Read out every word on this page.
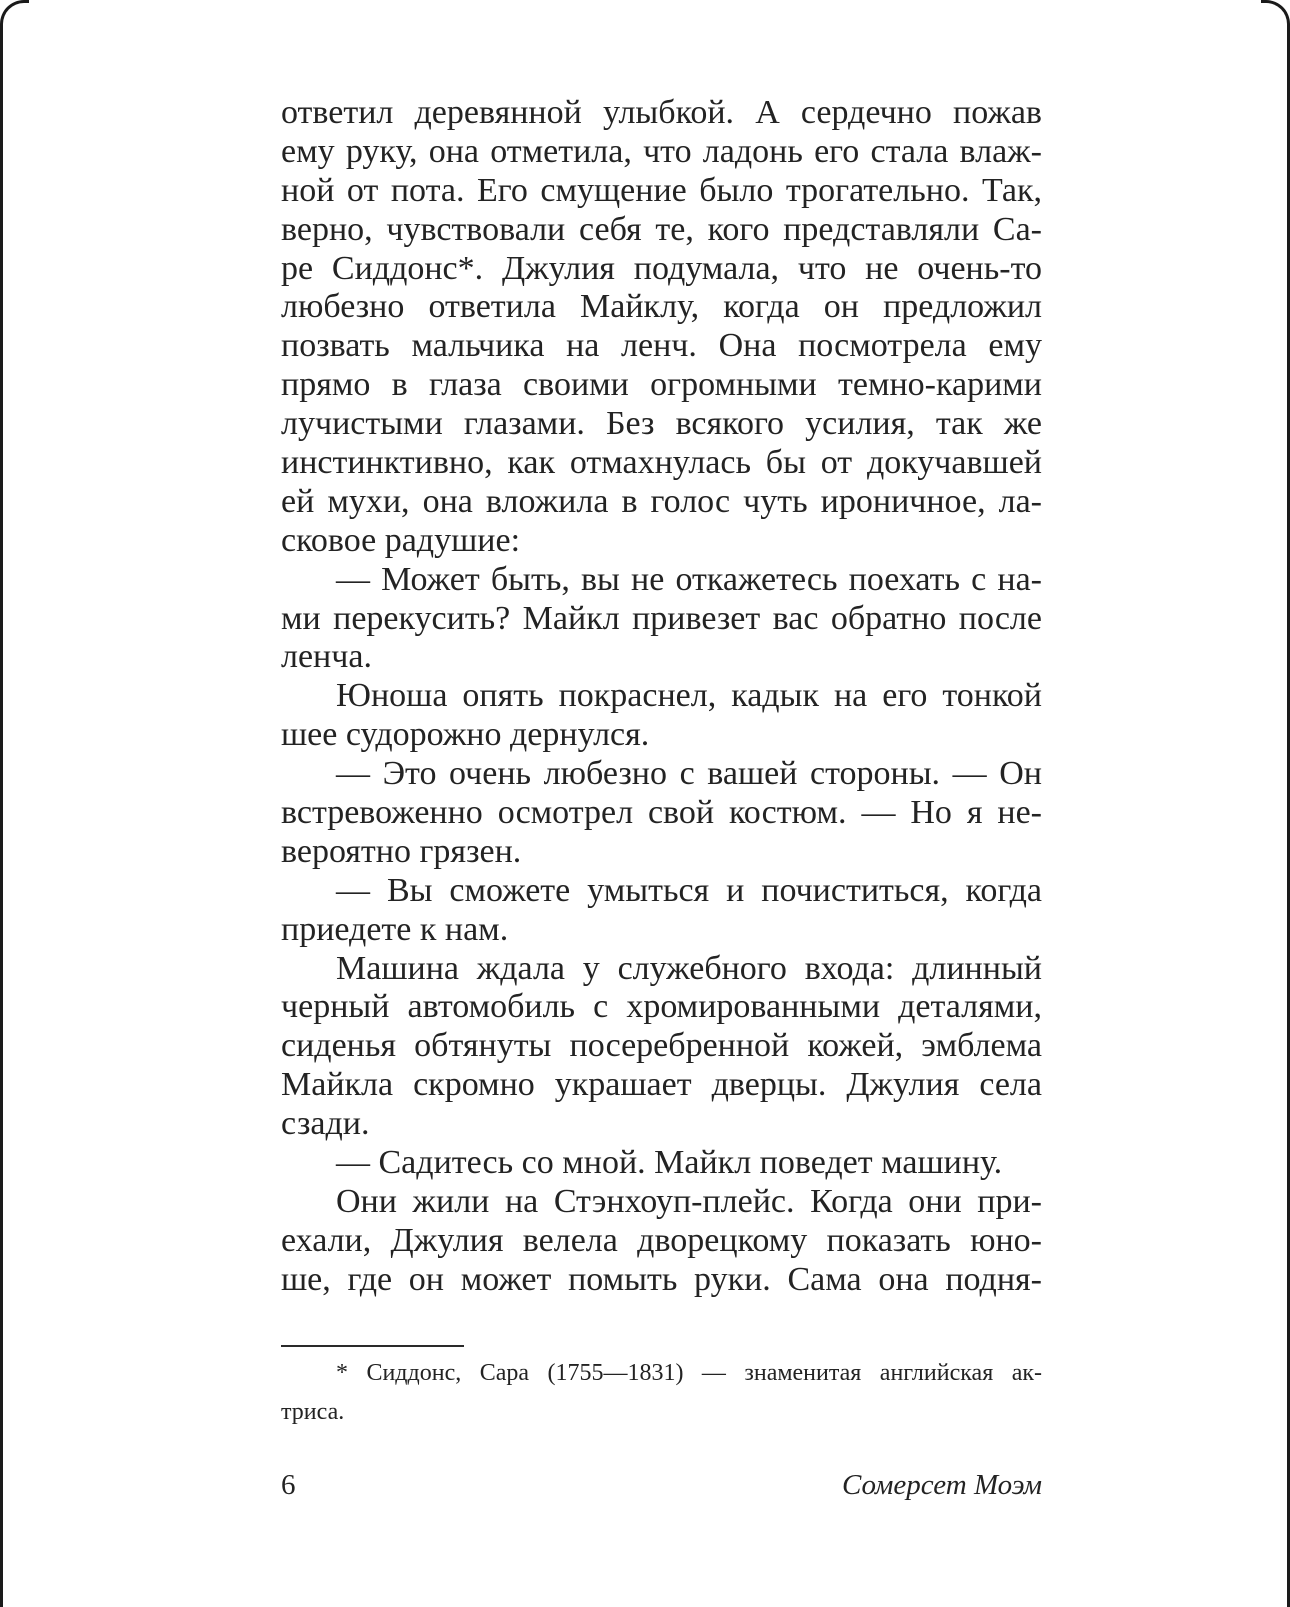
ответил деревянной улыбкой. А сердечно пожав
ему руку, она отметила, что ладонь его стала влаж-
ной от пота. Его смущение было трогательно. Так,
верно, чувствовали себя те, кого представляли Са-
ре Сиддонс*. Джулия подумала, что не очень-то
любезно ответила Майклу, когда он предложил
позвать мальчика на ленч. Она посмотрела ему
прямо в глаза своими огромными темно-карими
лучистыми глазами. Без всякого усилия, так же
инстинктивно, как отмахнулась бы от докучавшей
ей мухи, она вложила в голос чуть ироничное, ла-
сковое радушие:
— Может быть, вы не откажетесь поехать с на-
ми перекусить? Майкл привезет вас обратно после
ленча.
Юноша опять покраснел, кадык на его тонкой
шее судорожно дернулся.
— Это очень любезно с вашей стороны. — Он
встревоженно осмотрел свой костюм. — Но я не-
вероятно грязен.
— Вы сможете умыться и почиститься, когда
приедете к нам.
Машина ждала у служебного входа: длинный
черный автомобиль с хромированными деталями,
сиденья обтянуты посеребренной кожей, эмблема
Майкла скромно украшает дверцы. Джулия села
сзади.
— Садитесь со мной. Майкл поведет машину.
Они жили на Стэнхоуп-плейс. Когда они при-
ехали, Джулия велела дворецкому показать юно-
ше, где он может помыть руки. Сама она подня-
* Сиддонс, Сара (1755—1831) — знаменитая английская ак-
триса.
6	Сомерсет Моэм
